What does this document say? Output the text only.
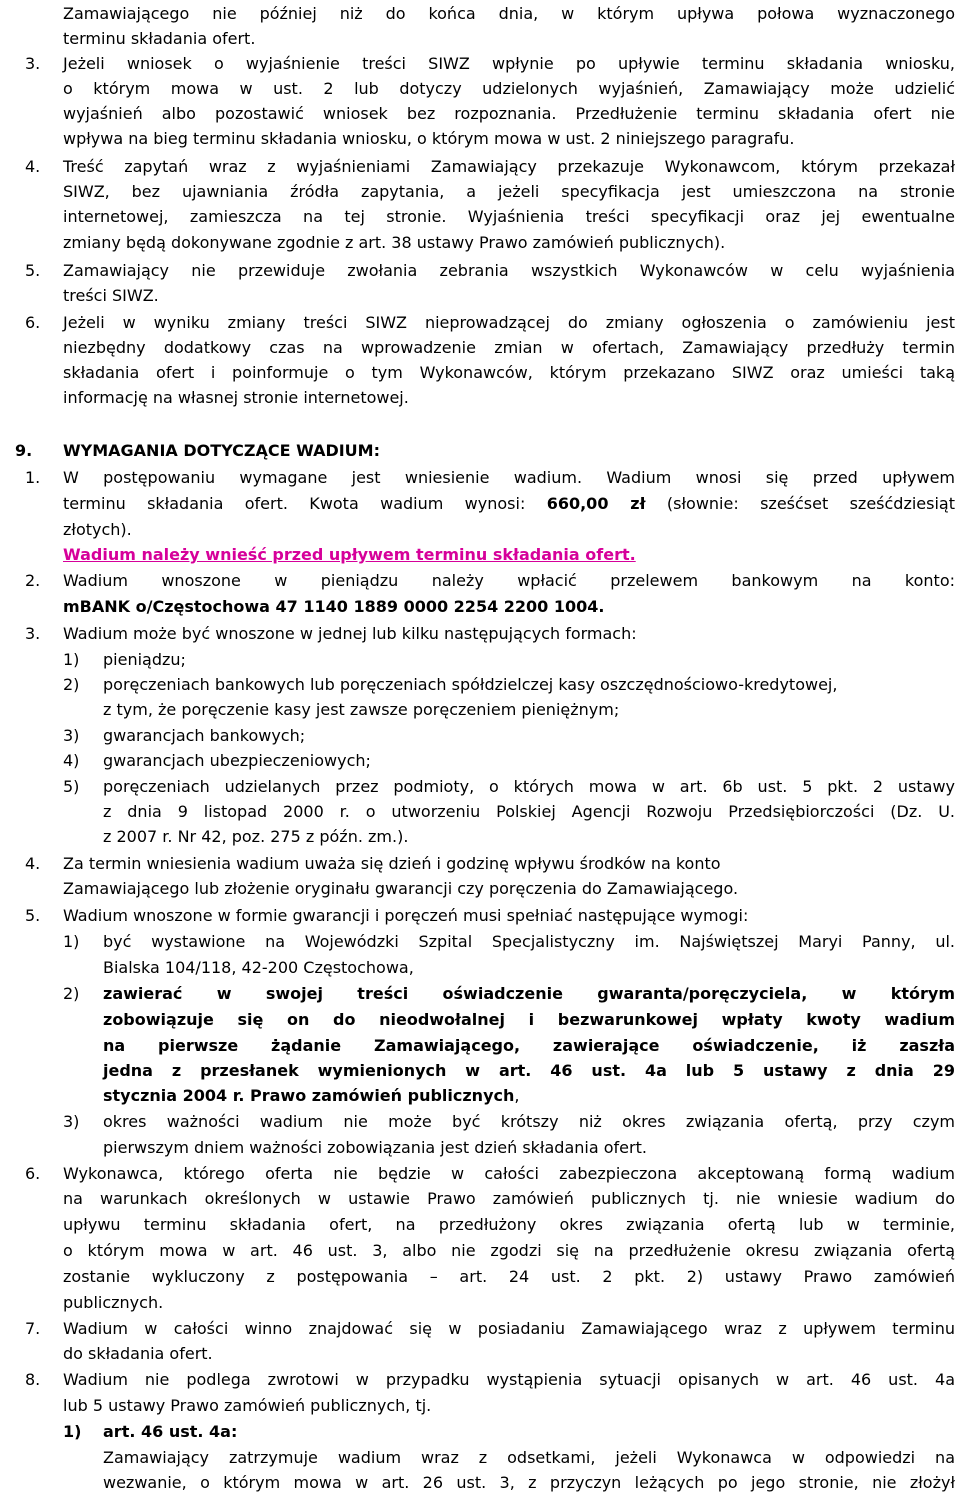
Zamawiającego nie później niż do końca dnia, w którym upływa połowa wyznaczonego
terminu składania ofert.
3. Jeżeli wniosek o wyjaśnienie treści SIWZ wpłynie po upływie terminu składania wniosku,
o którym mowa w ust. 2 lub dotyczy udzielonych wyjaśnień, Zamawiający może udzielić
wyjaśnień albo pozostawić wniosek bez rozpoznania. Przedłużenie terminu składania ofert nie
wpływa na bieg terminu składania wniosku, o którym mowa w ust. 2 niniejszego paragrafu.
4. Treść zapytań wraz z wyjaśnieniami Zamawiający przekazuje Wykonawcom, którym przekazał
SIWZ, bez ujawniania źródła zapytania, a jeżeli specyfikacja jest umieszczona na stronie
internetowej, zamieszcza na tej stronie. Wyjaśnienia treści specyfikacji oraz jej ewentualne
zmiany będą dokonywane zgodnie z art. 38 ustawy Prawo zamówień publicznych).
5. Zamawiający nie przewiduje zwołania zebrania wszystkich Wykonawców w celu wyjaśnienia
treści SIWZ.
6. Jeżeli w wyniku zmiany treści SIWZ nieprowadzącej do zmiany ogłoszenia o zamówieniu jest
niezbędny dodatkowy czas na wprowadzenie zmian w ofertach, Zamawiający przedłuży termin
składania ofert i poinformuje o tym Wykonawców, którym przekazano SIWZ oraz umieści taką
informację na własnej stronie internetowej.
9. WYMAGANIA DOTYCZĄCE WADIUM:
1. W postępowaniu wymagane jest wniesienie wadium. Wadium wnosi się przed upływem
terminu składania ofert. Kwota wadium wynosi: 660,00 zł (słownie: sześćset sześćdziesiąt
złotych).
Wadium należy wnieść przed upływem terminu składania ofert.
2. Wadium wnoszone w pieniądzu należy wpłacić przelewem bankowym na konto:
mBANK o/Częstochowa 47 1140 1889 0000 2254 2200 1004.
3. Wadium może być wnoszone w jednej lub kilku następujących formach:
1) pieniądzu;
2) poręczeniach bankowych lub poręczeniach spółdzielczej kasy oszczędnościowo-kredytowej,
z tym, że poręczenie kasy jest zawsze poręczeniem pieniężnym;
3) gwarancjach bankowych;
4) gwarancjach ubezpieczeniowych;
5) poręczeniach udzielanych przez podmioty, o których mowa w art. 6b ust. 5 pkt. 2 ustawy
z dnia 9 listopad 2000 r. o utworzeniu Polskiej Agencji Rozwoju Przedsiębiorczości (Dz. U.
z 2007 r. Nr 42, poz. 275 z późn. zm.).
4. Za termin wniesienia wadium uważa się dzień i godzinę wpływu środków na konto
Zamawiającego lub złożenie oryginału gwarancji czy poręczenia do Zamawiającego.
5. Wadium wnoszone w formie gwarancji i poręczeń musi spełniać następujące wymogi:
1) być wystawione na Wojewódzki Szpital Specjalistyczny im. Najświętszej Maryi Panny, ul.
Bialska 104/118, 42-200 Częstochowa,
2) zawierać w swojej treści oświadczenie gwaranta/poręczyciela, w którym
zobowiązuje się on do nieodwołalnej i bezwarunkowej wpłaty kwoty wadium
na pierwsze żądanie Zamawiającego, zawierające oświadczenie, iż zaszła
jedna z przesłanek wymienionych w art. 46 ust. 4a lub 5 ustawy z dnia 29
stycznia 2004 r. Prawo zamówień publicznych,
3) okres ważności wadium nie może być krótszy niż okres związania ofertą, przy czym
pierwszym dniem ważności zobowiązania jest dzień składania ofert.
6. Wykonawca, którego oferta nie będzie w całości zabezpieczona akceptowaną formą wadium
na warunkach określonych w ustawie Prawo zamówień publicznych tj. nie wniesie wadium do
upływu terminu składania ofert, na przedłużony okres związania ofertą lub w terminie,
o którym mowa w art. 46 ust. 3, albo nie zgodzi się na przedłużenie okresu związania ofertą
zostanie wykluczony z postępowania – art. 24 ust. 2 pkt. 2) ustawy Prawo zamówień
publicznych.
7. Wadium w całości winno znajdować się w posiadaniu Zamawiającego wraz z upływem terminu
do składania ofert.
8. Wadium nie podlega zwrotowi w przypadku wystąpienia sytuacji opisanych w art. 46 ust. 4a
lub 5 ustawy Prawo zamówień publicznych, tj.
1) art. 46 ust. 4a:
Zamawiający zatrzymuje wadium wraz z odsetkami, jeżeli Wykonawca w odpowiedzi na
wezwanie, o którym mowa w art. 26 ust. 3, z przyczyn leżących po jego stronie, nie złożył
